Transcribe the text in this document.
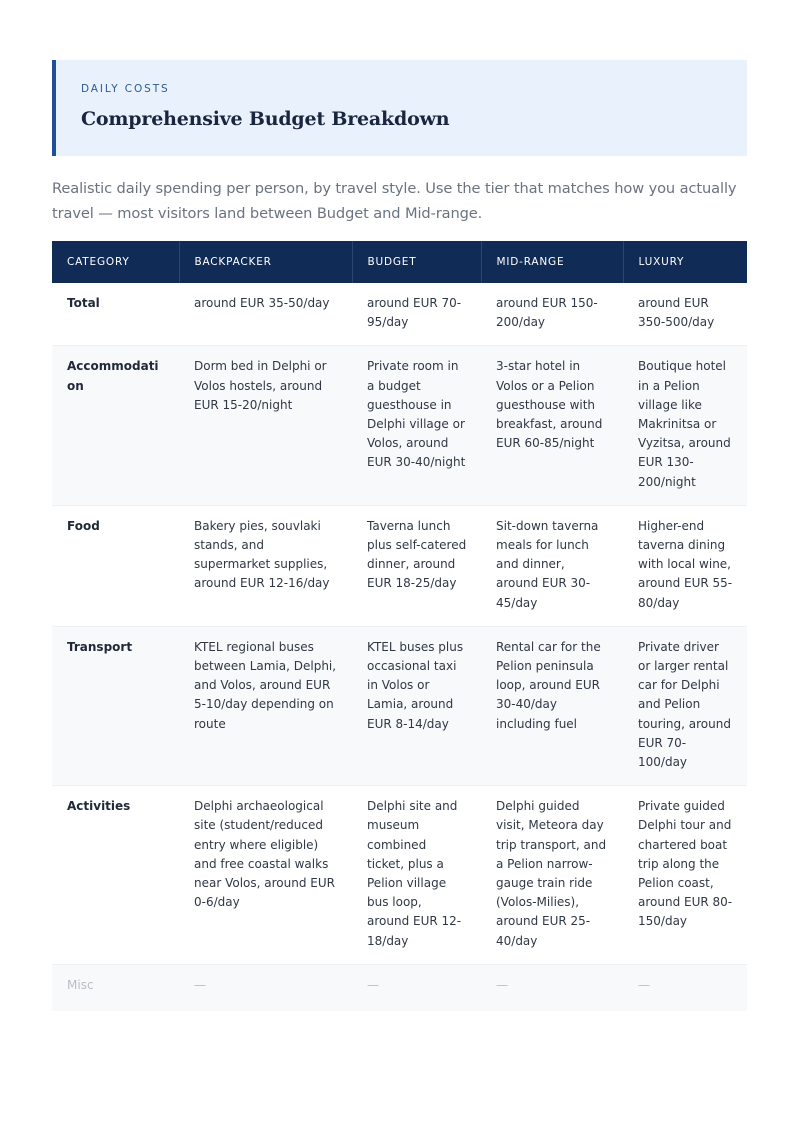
DAILY COSTS
Comprehensive Budget Breakdown
Realistic daily spending per person, by travel style. Use the tier that matches how you actually travel — most visitors land between Budget and Mid-range.
CATEGORY	BACKPACKER	BUDGET	MID-RANGE	LUXURY
Total	around EUR 35-50/day	around EUR 70-95/day	around EUR 150-200/day	around EUR 350-500/day
Accommodation	Dorm bed in Delphi or Volos hostels, around EUR 15-20/night	Private room in a budget guesthouse in Delphi village or Volos, around EUR 30-40/night	3-star hotel in Volos or a Pelion guesthouse with breakfast, around EUR 60-85/night	Boutique hotel in a Pelion village like Makrinitsa or Vyzitsa, around EUR 130-200/night
Food	Bakery pies, souvlaki stands, and supermarket supplies, around EUR 12-16/day	Taverna lunch plus self-catered dinner, around EUR 18-25/day	Sit-down taverna meals for lunch and dinner, around EUR 30-45/day	Higher-end taverna dining with local wine, around EUR 55-80/day
Transport	KTEL regional buses between Lamia, Delphi, and Volos, around EUR 5-10/day depending on route	KTEL buses plus occasional taxi in Volos or Lamia, around EUR 8-14/day	Rental car for the Pelion peninsula loop, around EUR 30-40/day including fuel	Private driver or larger rental car for Delphi and Pelion touring, around EUR 70-100/day
Activities	Delphi archaeological site (student/reduced entry where eligible) and free coastal walks near Volos, around EUR 0-6/day	Delphi site and museum combined ticket, plus a Pelion village bus loop, around EUR 12-18/day	Delphi guided visit, Meteora day trip transport, and a Pelion narrow-gauge train ride (Volos-Milies), around EUR 25-40/day	Private guided Delphi tour and chartered boat trip along the Pelion coast, around EUR 80-150/day
Misc	—	—	—	—
